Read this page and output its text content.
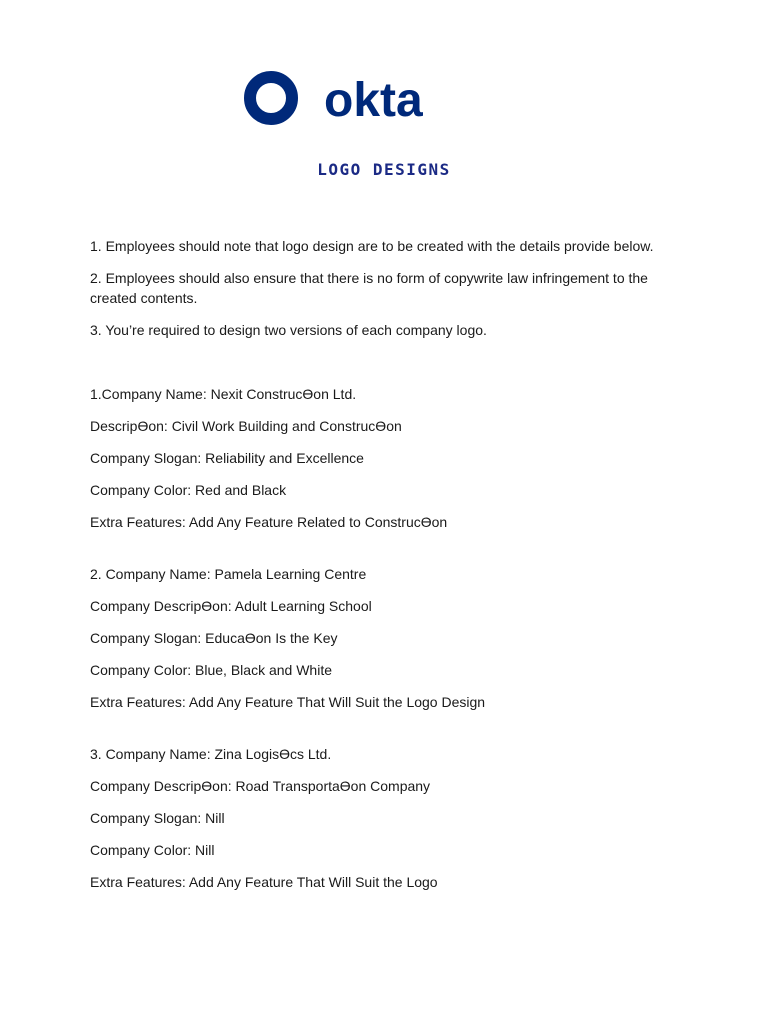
okta
LOGO DESIGNS

1. Employees should note that logo design are to be created with the details provide below.

2. Employees should also ensure that there is no form of copywrite law infringement to the created contents.

3. You’re required to design two versions of each company logo.

1.Company Name: Nexit Construcϴon Ltd.

Descripϴon: Civil Work Building and Construcϴon

Company Slogan: Reliability and Excellence

Company Color: Red and Black

Extra Features: Add Any Feature Related to Construcϴon

2. Company Name: Pamela Learning Centre

Company Descripϴon: Adult Learning School

Company Slogan: Educaϴon Is the Key

Company Color: Blue, Black and White

Extra Features: Add Any Feature That Will Suit the Logo Design

3. Company Name: Zina Logisϴcs Ltd.

Company Descripϴon: Road Transportaϴon Company

Company Slogan: Nill

Company Color: Nill

Extra Features: Add Any Feature That Will Suit the Logo
